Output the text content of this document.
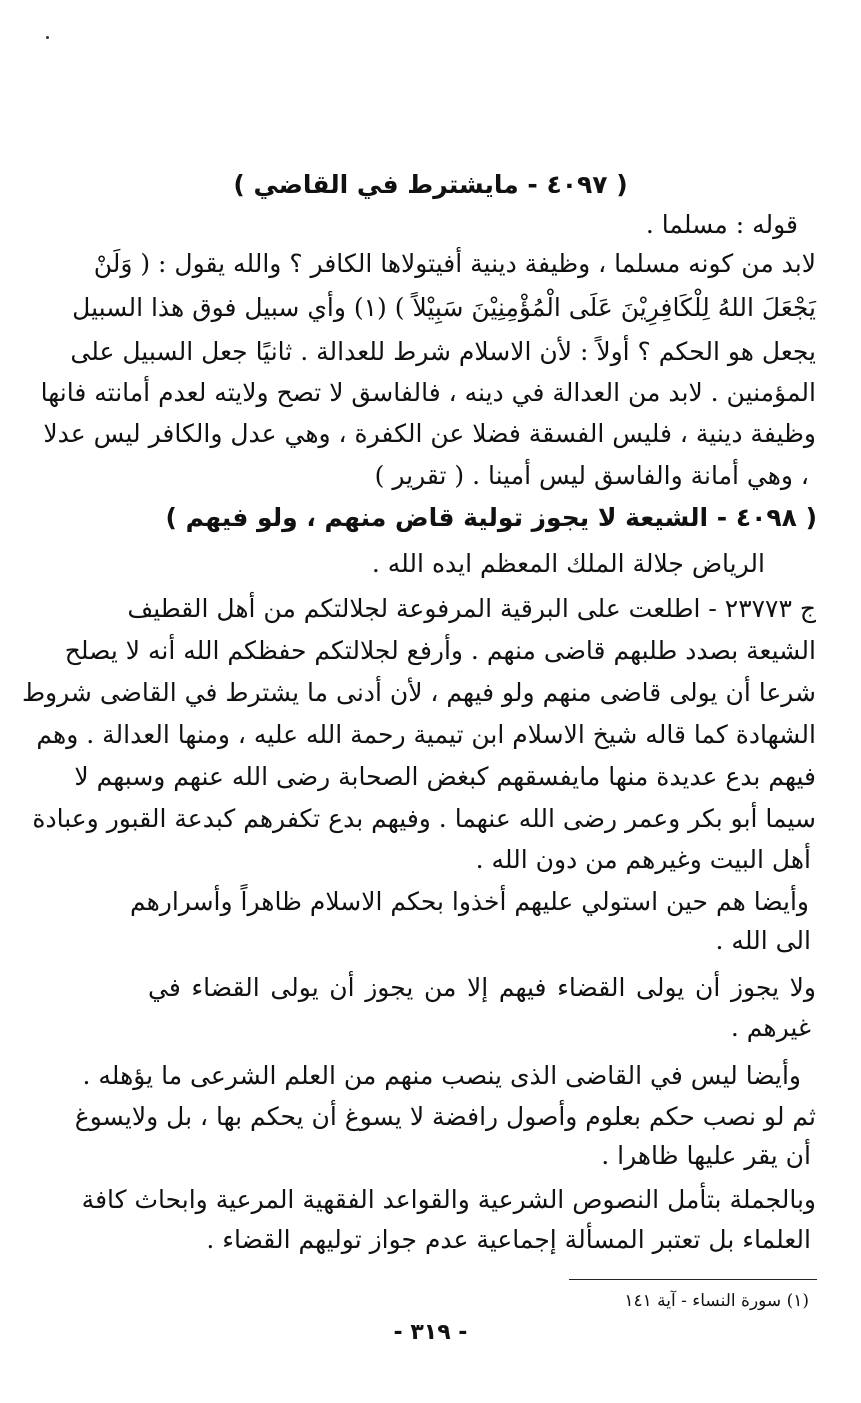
( ٤٠٩٧ - مايشترط في القاضي )
قوله : مسلما .
لابد من كونه مسلما ، وظيفة دينية أفيتولاها الكافر ؟ والله يقول : ( وَلَنْ
يَجْعَلَ اللهُ لِلْكَافِرِيْنَ عَلَى الْمُؤْمِنِيْنَ سَبِيْلاً ) (١) وأي سبيل فوق هذا السبيل
يجعل هو الحكم ؟ أولاً : لأن الاسلام شرط للعدالة . ثانيًا جعل السبيل على
المؤمنين . لابد من العدالة في دينه ، فالفاسق لا تصح ولايته لعدم أمانته فانها
وظيفة دينية ، فليس الفسقة فضلا عن الكفرة ، وهي عدل والكافر ليس عدلا
، وهي أمانة والفاسق ليس أمينا . ( تقرير )
( ٤٠٩٨ - الشيعة لا يجوز تولية قاض منهم ، ولو فيهم )
الرياض جلالة الملك المعظم ايده الله .
ج ٢٣٧٧٣ - اطلعت على البرقية المرفوعة لجلالتكم من أهل القطيف
الشيعة بصدد طلبهم قاضى منهم . وأرفع لجلالتكم حفظكم الله أنه لا يصلح
شرعا أن يولى قاضى منهم ولو فيهم ، لأن أدنى ما يشترط في القاضى شروط
الشهادة كما قاله شيخ الاسلام ابن تيمية رحمة الله عليه ، ومنها العدالة . وهم
فيهم بدع عديدة منها مايفسقهم كبغض الصحابة رضى الله عنهم وسبهم لا
سيما أبو بكر وعمر رضى الله عنهما . وفيهم بدع تكفرهم كبدعة القبور وعبادة
أهل البيت وغيرهم من دون الله .
وأيضا هم حين استولي عليهم أخذوا بحكم الاسلام ظاهراً وأسرارهم
الى الله .
ولا يجوز أن يولى القضاء فيهم إلا من يجوز أن يولى القضاء في
غيرهم .
وأيضا ليس في القاضى الذى ينصب منهم من العلم الشرعى ما يؤهله .
ثم لو نصب حكم بعلوم وأصول رافضة لا يسوغ أن يحكم بها ، بل ولايسوغ
أن يقر عليها ظاهرا .
وبالجملة بتأمل النصوص الشرعية والقواعد الفقهية المرعية وابحاث كافة
العلماء بل تعتبر المسألة إجماعية عدم جواز توليهم القضاء .
(١) سورة النساء - آية ١٤١
- ٣١٩ -
